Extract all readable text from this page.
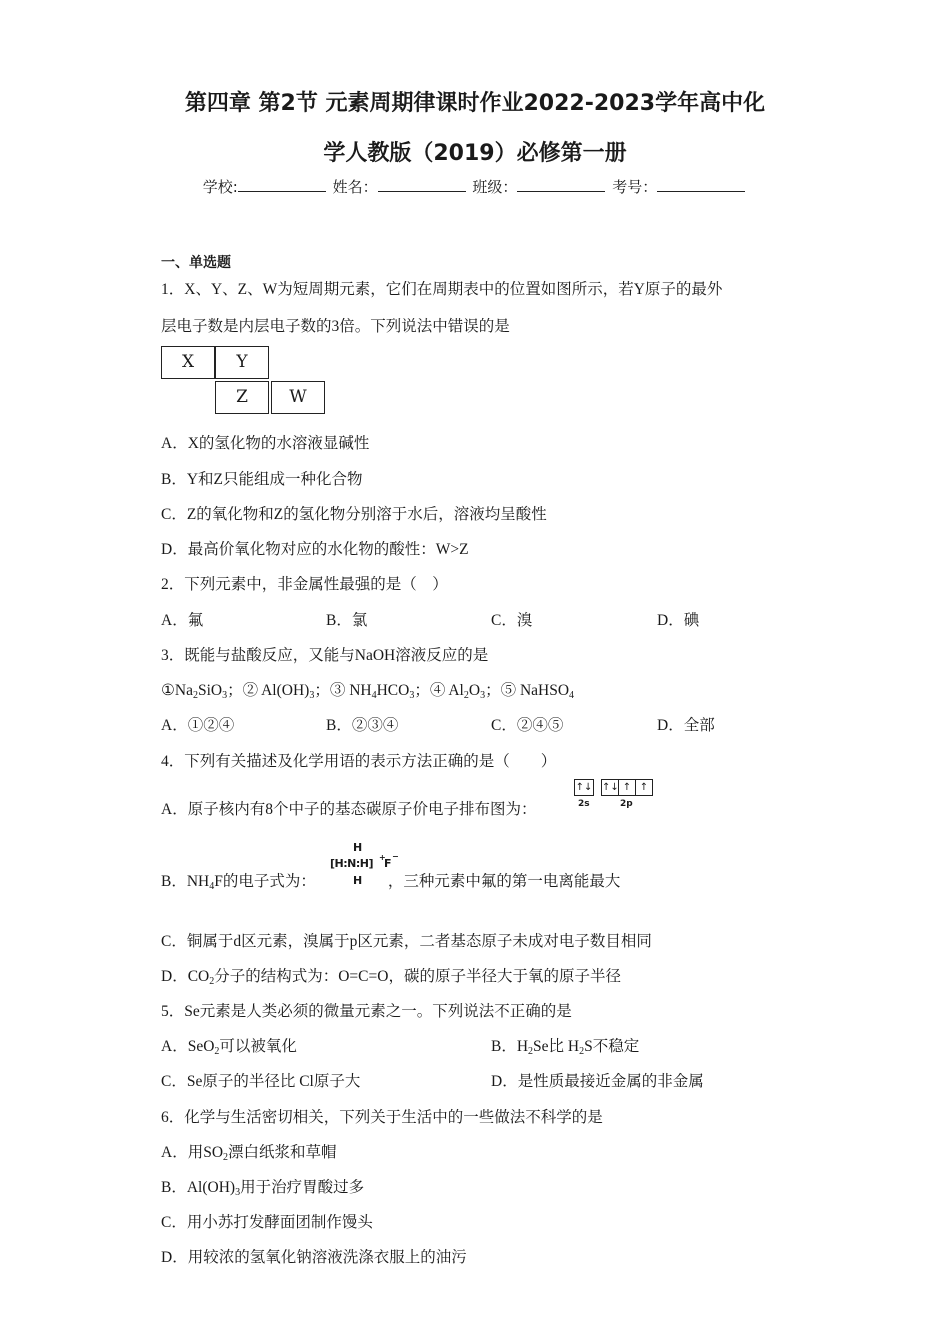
第四章 第2节 元素周期律课时作业2022-2023学年高中化
学人教版（2019）必修第一册
学校:	姓名：	班级：	考号：
一、单选题
1．X、Y、Z、W为短周期元素，它们在周期表中的位置如图所示，若Y原子的最外
层电子数是内层电子数的3倍。下列说法中错误的是
X	Y
Z	W
A．X的氢化物的水溶液显碱性
B．Y和Z只能组成一种化合物
C．Z的氧化物和Z的氢化物分别溶于水后，溶液均呈酸性
D．最高价氧化物对应的水化物的酸性：W>Z
2．下列元素中，非金属性最强的是（　）
A．氟	B．氯	C．溴	D．碘
3．既能与盐酸反应，又能与NaOH溶液反应的是
$①Na_2SiO_3$；② $Al(OH)_3$；③ $NH_4HCO_3$；④ $Al_2O_3$；⑤ NaHSO$_4$
A．①②④	B．②③④	C．②④⑤	D．全部
4．下列有关描述及化学用语的表示方法正确的是（　　）
A．原子核内有8个中子的基态碳原子价电子排布图为：
↑↓ ↑↓ ↑ ↑
2s	2p
B．$NH_4F$的电子式为：	，三种元素中氟的第一电离能最大
H
[H:N:H] +
F
−
H
C．铜属于d区元素，溴属于p区元素，二者基态原子未成对电子数目相同
D．$CO_2$分子的结构式为：O=C=O，碳的原子半径大于氧的原子半径
5．Se元素是人类必须的微量元素之一。下列说法不正确的是
A．SeO$_2$可以被氧化	B．$H_2Se$比 $H_2S$不稳定
C．Se原子的半径比 Cl原子大	D．是性质最接近金属的非金属
6．化学与生活密切相关，下列关于生活中的一些做法不科学的是
A．用$SO_2$漂白纸浆和草帽
B．$Al(OH)_3$用于治疗胃酸过多
C．用小苏打发酵面团制作馒头
D．用较浓的氢氧化钠溶液洗涤衣服上的油污
